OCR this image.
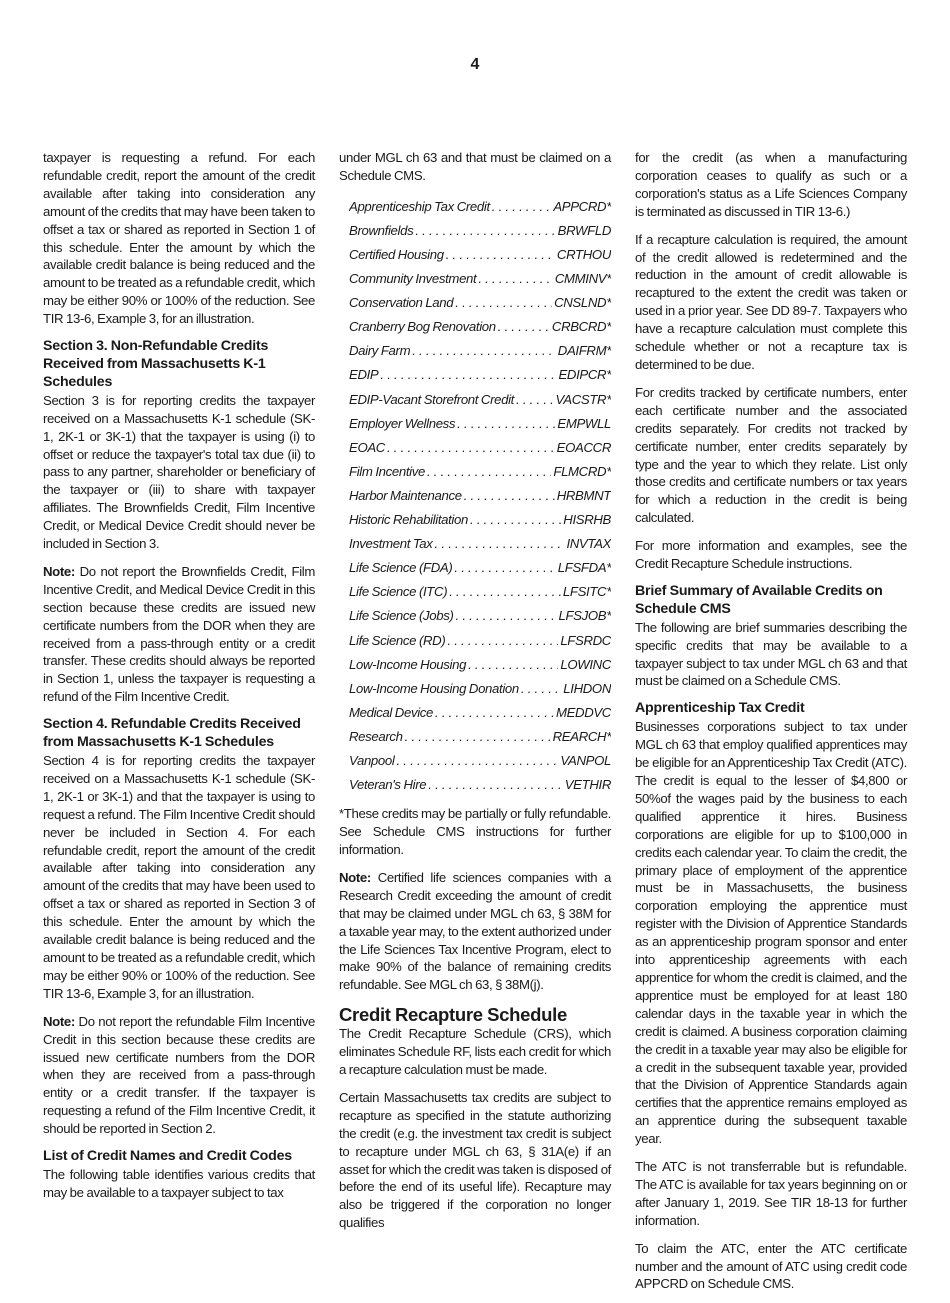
4

taxpayer is requesting a refund. For each refundable credit, report the amount of the credit available after taking into consideration any amount of the credits that may have been taken to offset a tax or shared as reported in Section 1 of this schedule. Enter the amount by which the available credit balance is being reduced and the amount to be treated as a refundable credit, which may be either 90% or 100% of the reduction. See TIR 13-6, Example 3, for an illustration.

Section 3. Non-Refundable Credits Received from Massachusetts K-1 Schedules

Section 3 is for reporting credits the taxpayer received on a Massachusetts K-1 schedule (SK-1, 2K-1 or 3K-1) that the taxpayer is using (i) to offset or reduce the taxpayer's total tax due (ii) to pass to any partner, shareholder or beneficiary of the taxpayer or (iii) to share with taxpayer affiliates. The Brownfields Credit, Film Incentive Credit, or Medical Device Credit should never be included in Section 3.

Note: Do not report the Brownfields Credit, Film Incentive Credit, and Medical Device Credit in this section because these credits are issued new certificate numbers from the DOR when they are received from a pass-through entity or a credit transfer. These credits should always be reported in Section 1, unless the taxpayer is requesting a refund of the Film Incentive Credit.

Section 4. Refundable Credits Received from Massachusetts K-1 Schedules

Section 4 is for reporting credits the taxpayer received on a Massachusetts K-1 schedule (SK-1, 2K-1 or 3K-1) and that the taxpayer is using to request a refund. The Film Incentive Credit should never be included in Section 4. For each refundable credit, report the amount of the credit available after taking into consideration any amount of the credits that may have been used to offset a tax or shared as reported in Section 3 of this schedule. Enter the amount by which the available credit balance is being reduced and the amount to be treated as a refundable credit, which may be either 90% or 100% of the reduction. See TIR 13-6, Example 3, for an illustration.

Note: Do not report the refundable Film Incentive Credit in this section because these credits are issued new certificate numbers from the DOR when they are received from a pass-through entity or a credit transfer. If the taxpayer is requesting a refund of the Film Incentive Credit, it should be reported in Section 2.

List of Credit Names and Credit Codes

The following table identifies various credits that may be available to a taxpayer subject to tax

under MGL ch 63 and that must be claimed on a Schedule CMS.

Apprenticeship Tax Credit . . .	APPCRD*
Brownfields . . .	BRWFLD
Certified Housing . . .	CRTHOU
Community Investment . . .	CMMINV*
Conservation Land . . .	CNSLND*
Cranberry Bog Renovation . . .	CRBCRD*
Dairy Farm . . .	DAIFRM*
EDIP . . .	EDIPCR*
EDIP-Vacant Storefront Credit . . .	VACSTR*
Employer Wellness . . .	EMPWLL
EOAC . . .	EOACCR
Film Incentive . . .	FLMCRD*
Harbor Maintenance . . .	HRBMNT
Historic Rehabilitation . . .	HISRHB
Investment Tax . . .	INVTAX
Life Science (FDA) . . .	LFSFDA*
Life Science (ITC) . . .	LFSITC*
Life Science (Jobs) . . .	LFSJOB*
Life Science (RD) . . .	LFSRDC
Low-Income Housing . . .	LOWINC
Low-Income Housing Donation . . .	LIHDON
Medical Device . . .	MEDDVC
Research . . .	REARCH*
Vanpool . . .	VANPOL
Veteran's Hire . . .	VETHIR

*These credits may be partially or fully refundable. See Schedule CMS instructions for further information.

Note: Certified life sciences companies with a Research Credit exceeding the amount of credit that may be claimed under MGL ch 63, § 38M for a taxable year may, to the extent authorized under the Life Sciences Tax Incentive Program, elect to make 90% of the balance of remaining credits refundable. See MGL ch 63, § 38M(j).

Credit Recapture Schedule

The Credit Recapture Schedule (CRS), which eliminates Schedule RF, lists each credit for which a recapture calculation must be made.

Certain Massachusetts tax credits are subject to recapture as specified in the statute authorizing the credit (e.g. the investment tax credit is subject to recapture under MGL ch 63, § 31A(e) if an asset for which the credit was taken is disposed of before the end of its useful life). Recapture may also be triggered if the corporation no longer qualifies

for the credit (as when a manufacturing corporation ceases to qualify as such or a corporation's status as a Life Sciences Company is terminated as discussed in TIR 13-6.)

If a recapture calculation is required, the amount of the credit allowed is redetermined and the reduction in the amount of credit allowable is recaptured to the extent the credit was taken or used in a prior year. See DD 89-7. Taxpayers who have a recapture calculation must complete this schedule whether or not a recapture tax is determined to be due.

For credits tracked by certificate numbers, enter each certificate number and the associated credits separately. For credits not tracked by certificate number, enter credits separately by type and the year to which they relate. List only those credits and certificate numbers or tax years for which a reduction in the credit is being calculated.

For more information and examples, see the Credit Recapture Schedule instructions.

Brief Summary of Available Credits on Schedule CMS

The following are brief summaries describing the specific credits that may be available to a taxpayer subject to tax under MGL ch 63 and that must be claimed on a Schedule CMS.

Apprenticeship Tax Credit

Businesses corporations subject to tax under MGL ch 63 that employ qualified apprentices may be eligible for an Apprenticeship Tax Credit (ATC). The credit is equal to the lesser of $4,800 or 50%of the wages paid by the business to each qualified apprentice it hires. Business corporations are eligible for up to $100,000 in credits each calendar year. To claim the credit, the primary place of employment of the apprentice must be in Massachusetts, the business corporation employing the apprentice must register with the Division of Apprentice Standards as an apprenticeship program sponsor and enter into apprenticeship agreements with each apprentice for whom the credit is claimed, and the apprentice must be employed for at least 180 calendar days in the taxable year in which the credit is claimed. A business corporation claiming the credit in a taxable year may also be eligible for a credit in the subsequent taxable year, provided that the Division of Apprentice Standards again certifies that the apprentice remains employed as an apprentice during the subsequent taxable year.

The ATC is not transferrable but is refundable. The ATC is available for tax years beginning on or after January 1, 2019. See TIR 18-13 for further information.

To claim the ATC, enter the ATC certificate number and the amount of ATC using credit code APPCRD on Schedule CMS.
